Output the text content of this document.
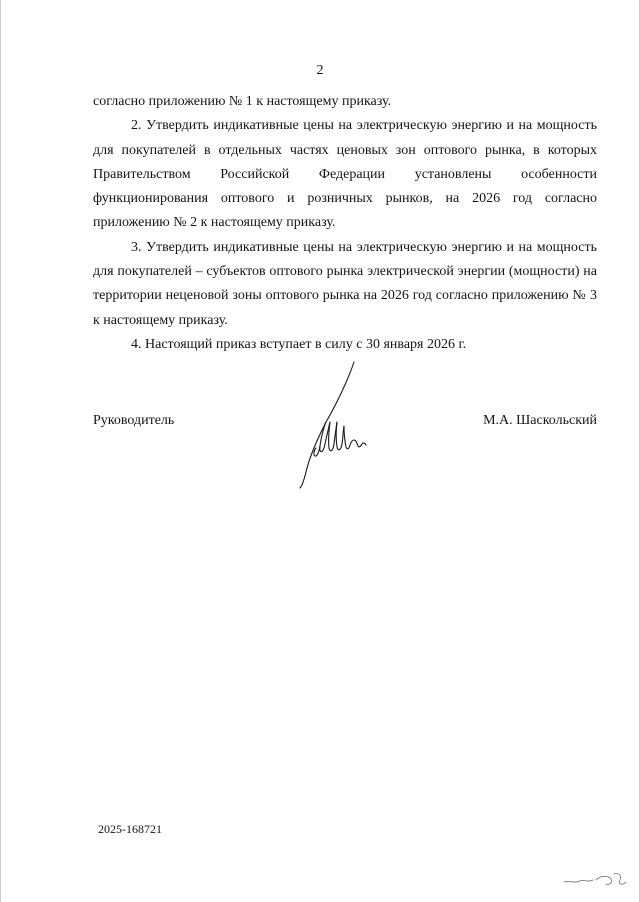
2

согласно приложению № 1 к настоящему приказу.

2. Утвердить индикативные цены на электрическую энергию и на мощность для покупателей в отдельных частях ценовых зон оптового рынка, в которых Правительством Российской Федерации установлены особенности функционирования оптового и розничных рынков, на 2026 год согласно приложению № 2 к настоящему приказу.

3. Утвердить индикативные цены на электрическую энергию и на мощность для покупателей – субъектов оптового рынка электрической энергии (мощности) на территории неценовой зоны оптового рынка на 2026 год согласно приложению № 3 к настоящему приказу.

4. Настоящий приказ вступает в силу с 30 января 2026 г.

Руководитель	М.А. Шаскольский
2025-168721
